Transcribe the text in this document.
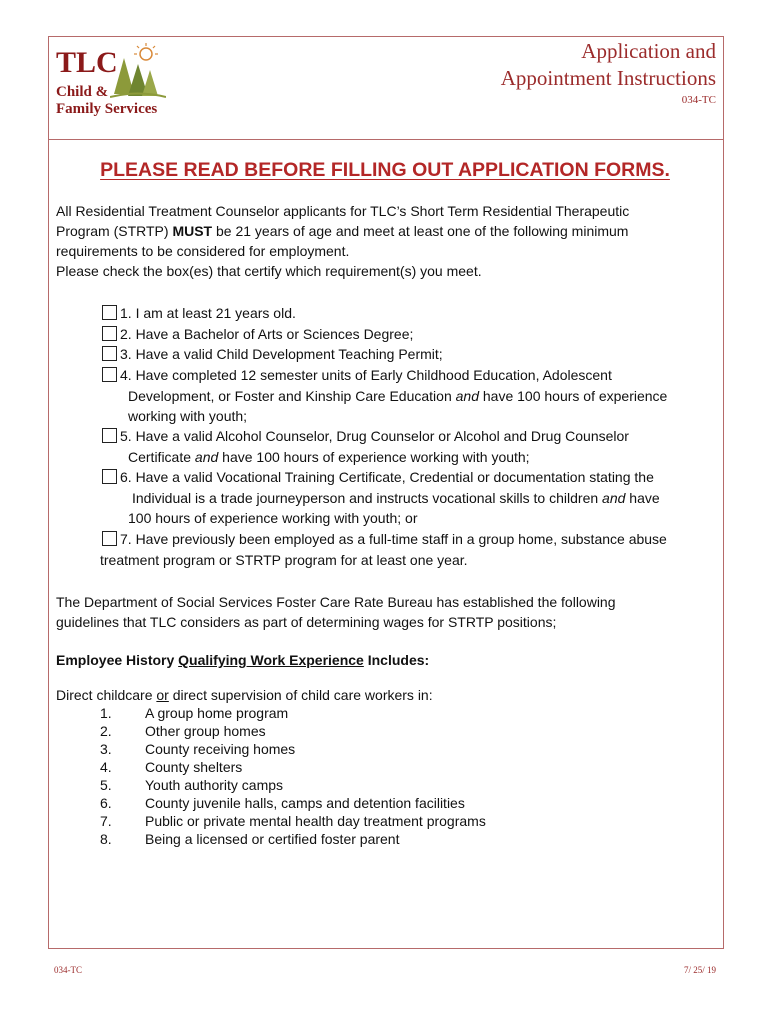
TLC
Child &
Family Services
Application and
Appointment Instructions
034-TC
PLEASE READ BEFORE FILLING OUT APPLICATION FORMS.
All Residential Treatment Counselor applicants for TLC’s Short Term Residential Therapeutic
Program (STRTP) MUST be 21 years of age and meet at least one of the following minimum
requirements to be considered for employment.
Please check the box(es) that certify which requirement(s) you meet.
1. I am at least 21 years old.
2. Have a Bachelor of Arts or Sciences Degree;
3. Have a valid Child Development Teaching Permit;
4. Have completed 12 semester units of Early Childhood Education, Adolescent
Development, or Foster and Kinship Care Education and have 100 hours of experience
working with youth;
5. Have a valid Alcohol Counselor, Drug Counselor or Alcohol and Drug Counselor
Certificate and have 100 hours of experience working with youth;
6. Have a valid Vocational Training Certificate, Credential or documentation stating the
Individual is a trade journeyperson and instructs vocational skills to children and have
100 hours of experience working with youth; or
7. Have previously been employed as a full-time staff in a group home, substance abuse
treatment program or STRTP program for at least one year.
The Department of Social Services Foster Care Rate Bureau has established the following
guidelines that TLC considers as part of determining wages for STRTP positions;
Employee History Qualifying Work Experience Includes:
Direct childcare or direct supervision of child care workers in:
1. A group home program
2. Other group homes
3. County receiving homes
4. County shelters
5. Youth authority camps
6. County juvenile halls, camps and detention facilities
7. Public or private mental health day treatment programs
8. Being a licensed or certified foster parent
034-TC	7/ 25/ 19
